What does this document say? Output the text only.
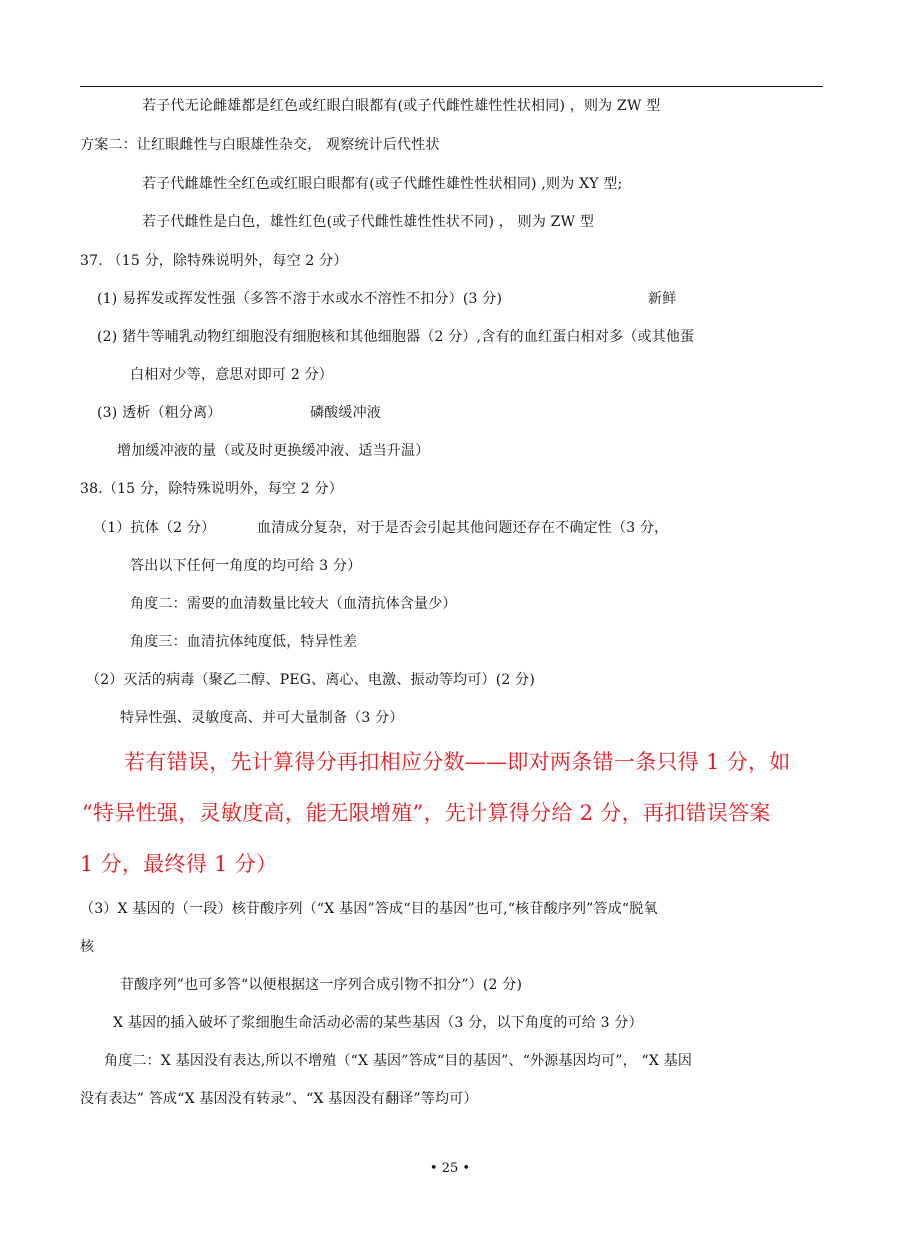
若子代无论雌雄都是红色或红眼白眼都有(或子代雌性雄性性状相同) ，则为 ZW 型
方案二：让红眼雌性与白眼雄性杂交， 观察统计后代性状
若子代雌雄性全红色或红眼白眼都有(或子代雌性雄性性状相同) ,则为 XY 型;
若子代雌性是白色，雄性红色(或子代雌性雄性性状不同) ， 则为 ZW 型
37. （15 分，除特殊说明外，每空 2 分）
(1) 易挥发或挥发性强（多答不溶于水或水不溶性不扣分）(3 分)	新鲜
(2) 猪牛等哺乳动物红细胞没有细胞核和其他细胞器（2 分）,含有的血红蛋白相对多（或其他蛋
白相对少等，意思对即可 2 分）
(3) 透析（粗分离）	磷酸缓冲液
增加缓冲液的量（或及时更换缓冲液、适当升温）
38.（15 分，除特殊说明外，每空 2 分）
（1）抗体（2 分）	血清成分复杂，对于是否会引起其他问题还存在不确定性（3 分，
答出以下任何一角度的均可给 3 分）
角度二：需要的血清数量比较大（血清抗体含量少）
角度三：血清抗体纯度低，特异性差
（2）灭活的病毒（聚乙二醇、PEG、离心、电激、振动等均可）(2 分)
特异性强、灵敏度高、并可大量制备（3 分）
若有错误，先计算得分再扣相应分数——即对两条错一条只得 1 分，如
“特异性强，灵敏度高，能无限增殖”，先计算得分给 2 分，再扣错误答案
1 分，最终得 1 分）
（3）X 基因的（一段）核苷酸序列（“X 基因”答成“目的基因”也可,“核苷酸序列”答成“脱氧
核
苷酸序列”也可多答“以便根据这一序列合成引物不扣分”）(2 分)
X 基因的插入破坏了浆细胞生命活动必需的某些基因（3 分，以下角度的可给 3 分）
角度二：X 基因没有表达,所以不增殖（“X 基因”答成“目的基因”、“外源基因均可”， “X 基因
没有表达” 答成“X 基因没有转录”、“X 基因没有翻译”等均可）
• 25 •
